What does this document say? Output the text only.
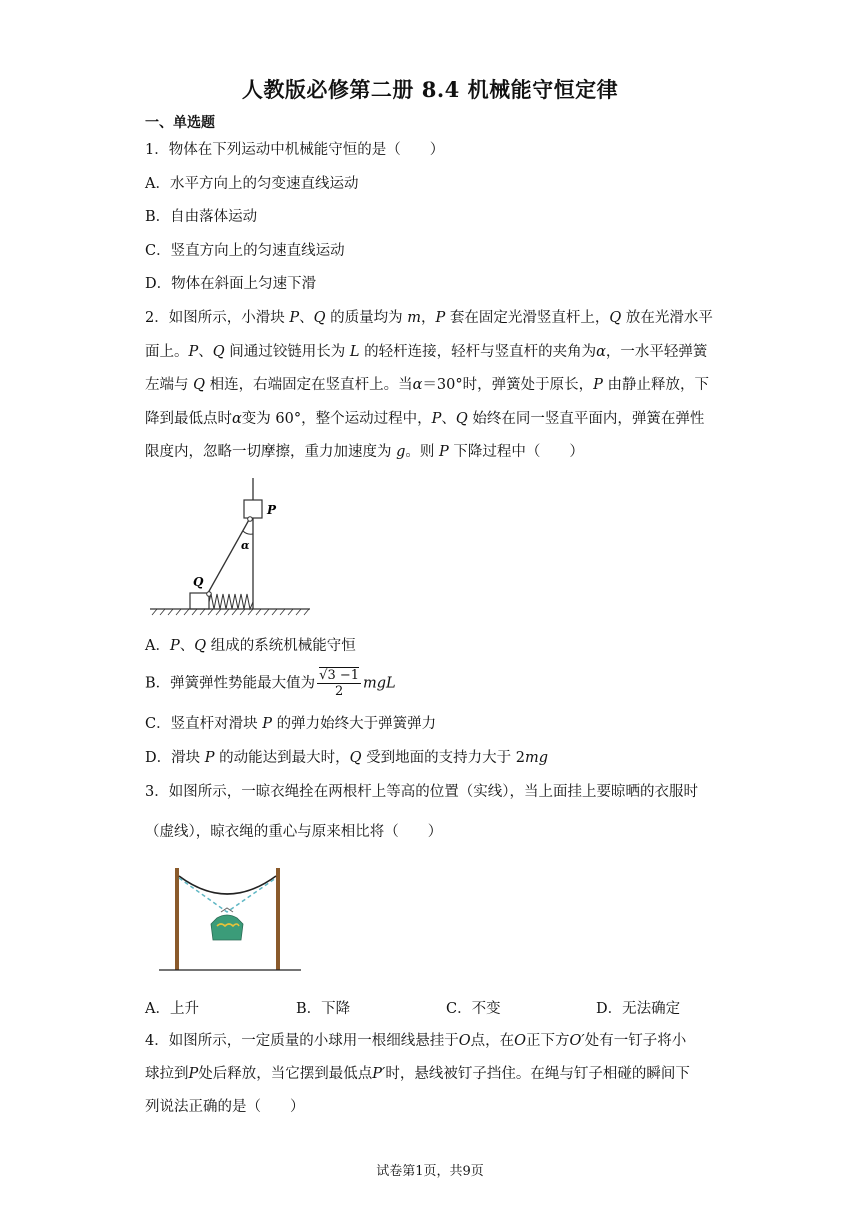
人教版必修第二册 8.4 机械能守恒定律
一、单选题
1．物体在下列运动中机械能守恒的是（　　）
A．水平方向上的匀变速直线运动
B．自由落体运动
C．竖直方向上的匀速直线运动
D．物体在斜面上匀速下滑
2．如图所示，小滑块 P、Q 的质量均为 m，P 套在固定光滑竖直杆上，Q 放在光滑水平
面上。P、Q 间通过铰链用长为 L 的轻杆连接，轻杆与竖直杆的夹角为α，一水平轻弹簧
左端与 Q 相连，右端固定在竖直杆上。当α＝30°时，弹簧处于原长，P 由静止释放，下
降到最低点时α变为 60°，整个运动过程中，P、Q 始终在同一竖直平面内，弹簧在弹性
限度内，忽略一切摩擦，重力加速度为 g。则 P 下降过程中（　　）
P
α
Q
A．P、Q 组成的系统机械能守恒
B．弹簧弹性势能最大值为 $\frac{√3 -1}{2}$ mgL
C．竖直杆对滑块 P 的弹力始终大于弹簧弹力
D．滑块 P 的动能达到最大时，Q 受到地面的支持力大于 2mg
3．如图所示，一晾衣绳拴在两根杆上等高的位置（实线），当上面挂上要晾晒的衣服时
（虚线），晾衣绳的重心与原来相比将（　　）
A．上升	B．下降	C．不变	D．无法确定
4．如图所示，一定质量的小球用一根细线悬挂于O点，在O正下方O′处有一钉子将小
球拉到P处后释放，当它摆到最低点P′时，悬线被钉子挡住。在绳与钉子相碰的瞬间下
列说法正确的是（　　）
试卷第1页，共9页
